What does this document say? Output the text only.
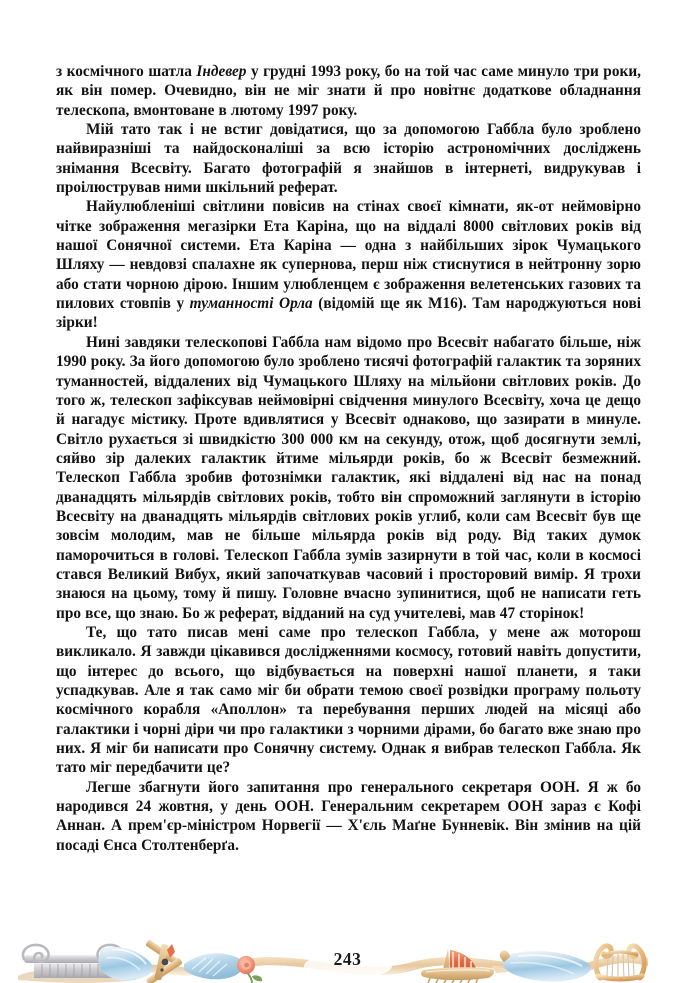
з космічного шатла Індевер у грудні 1993 року, бо на той час саме минуло три роки, як він помер. Очевидно, він не міг знати й про новітнє додаткове обладнання телескопа, вмонтоване в лютому 1997 року.

Мій тато так і не встиг довідатися, що за допомогою Габбла було зроблено найвиразніші та найдосконаліші за всю історію астрономічних досліджень знімання Всесвіту. Багато фотографій я знайшов в інтернеті, видрукував і проілюстрував ними шкільний реферат.

Найулюбленіші світлини повісив на стінах своєї кімнати, як-от неймовірно чітке зображення мегазірки Ета Каріна, що на віддалі 8000 світлових років від нашої Сонячної системи. Ета Каріна — одна з найбільших зірок Чумацького Шляху — невдовзі спалахне як супернова, перш ніж стиснутися в нейтронну зорю або стати чорною дірою. Іншим улюбленцем є зображення велетенських газових та пилових стовпів у туманності Орла (відомій ще як М16). Там народжуються нові зірки!

Нині завдяки телескопові Габбла нам відомо про Всесвіт набагато більше, ніж 1990 року. За його допомогою було зроблено тисячі фотографій галактик та зоряних туманностей, віддалених від Чумацького Шляху на мільйони світлових років. До того ж, телескоп зафіксував неймовірні свідчення минулого Всесвіту, хоча це дещо й нагадує містику. Проте вдивлятися у Всесвіт однаково, що зазирати в минуле. Світло рухається зі швидкістю 300 000 км на секунду, отож, щоб досягнути землі, сяйво зір далеких галактик йтиме мільярди років, бо ж Всесвіт безмежний. Телескоп Габбла зробив фотознімки галактик, які віддалені від нас на понад дванадцять мільярдів світлових років, тобто він спроможний заглянути в історію Всесвіту на дванадцять мільярдів світлових років углиб, коли сам Всесвіт був ще зовсім молодим, мав не більше мільярда років від роду. Від таких думок паморочиться в голові. Телескоп Габбла зумів зазирнути в той час, коли в космосі стався Великий Вибух, який започаткував часовий і просторовий вимір. Я трохи знаюся на цьому, тому й пишу. Головне вчасно зупинитися, щоб не написати геть про все, що знаю. Бо ж реферат, відданий на суд учителеві, мав 47 сторінок!

Те, що тато писав мені саме про телескоп Габбла, у мене аж моторош викликало. Я завжди цікавився дослідженнями космосу, готовий навіть допустити, що інтерес до всього, що відбувається на поверхні нашої планети, я таки успадкував. Але я так само міг би обрати темою своєї розвідки програму польоту космічного корабля «Аполлон» та перебування перших людей на місяці або галактики і чорні діри чи про галактики з чорними дірами, бо багато вже знаю про них. Я міг би написати про Сонячну систему. Однак я вибрав телескоп Габбла. Як тато міг передбачити це?

Легше збагнути його запитання про генерального секретаря ООН. Я ж бо народився 24 жовтня, у день ООН. Генеральним секретарем ООН зараз є Кофі Аннан. А прем'єр-міністром Норвегії — Х'єль Маґне Бунневік. Він змінив на цій посаді Єнса Столтенберґа.

243
